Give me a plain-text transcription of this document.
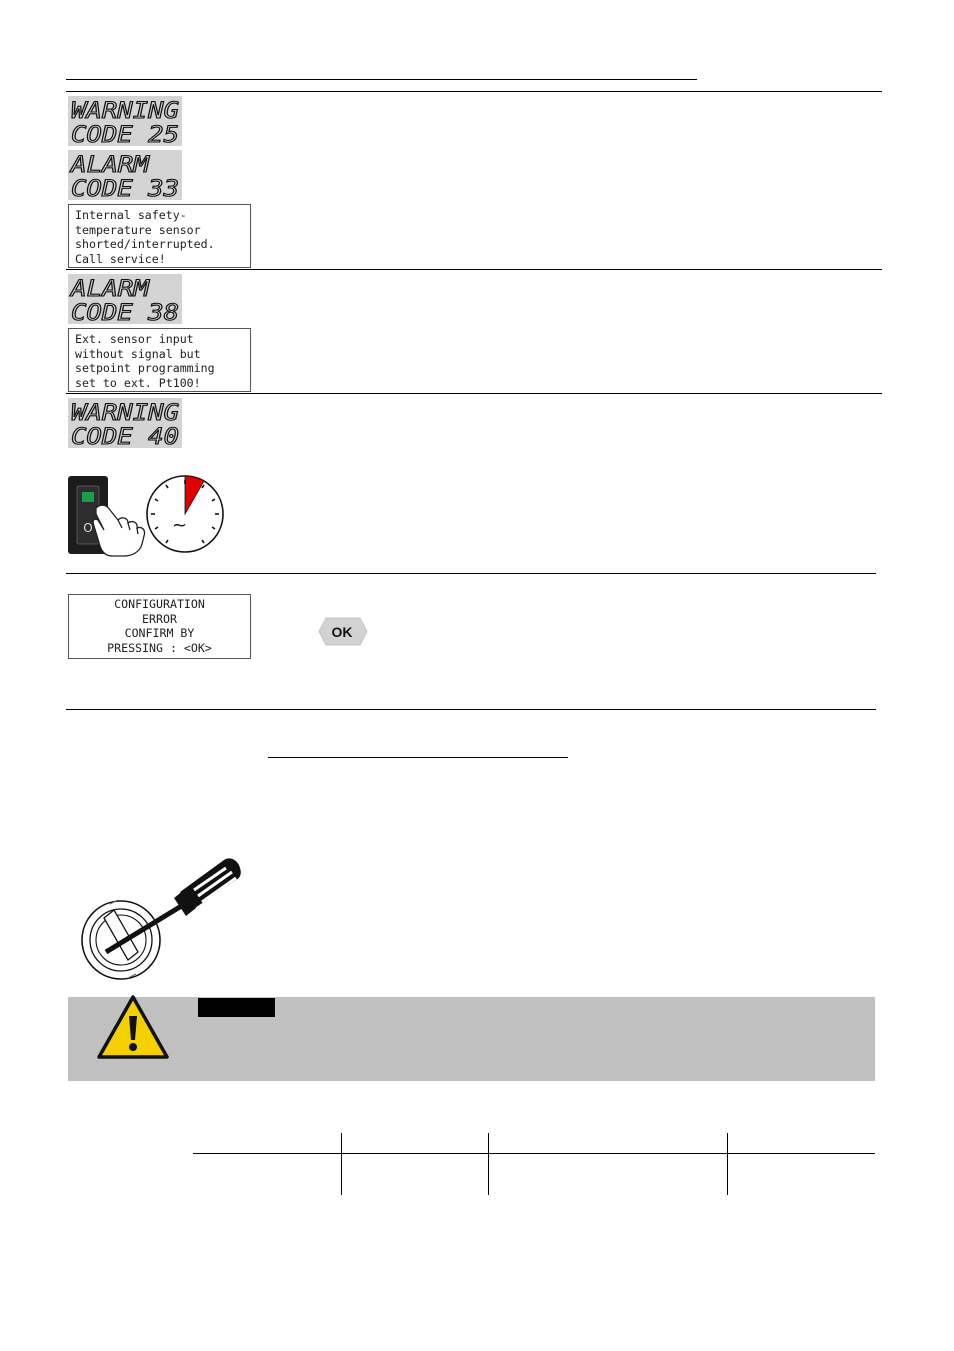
WARNING
CODE 25
ALARM
CODE 33
Internal safety-
temperature sensor
shorted/interrupted.
Call service!
ALARM
CODE 38
Ext. sensor input
without signal but
setpoint programming
set to ext. Pt100!
WARNING
CODE 40
O	~
CONFIGURATION
ERROR
CONFIRM BY
PRESSING : <OK>
OK
